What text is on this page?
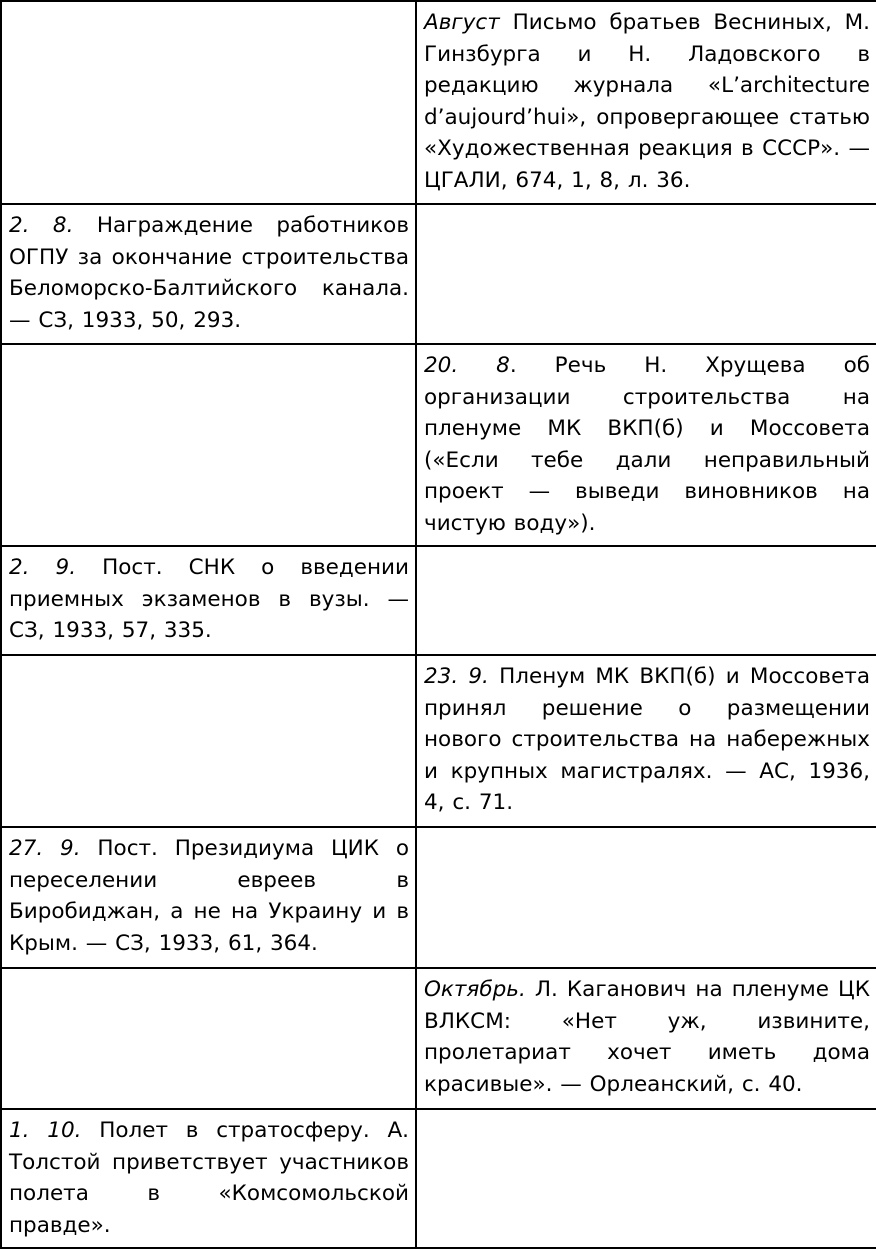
	Август Письмо братьев Весниных, М. Гинзбурга и Н. Ладовского в редакцию журнала «L’architecture d’aujourd’hui», опровергающее статью «Художественная реакция в СССР». — ЦГАЛИ, 674, 1, 8, л. 36.
2. 8. Награждение работников ОГПУ за окончание строительства Беломорско-Балтийского канала. — СЗ, 1933, 50, 293.	
	20. 8. Речь Н. Хрущева об организации строительства на пленуме МК ВКП(б) и Моссовета («Если тебе дали неправильный проект — выведи виновников на чистую воду»).
2. 9. Пост. СНК о введении приемных экзаменов в вузы. — СЗ, 1933, 57, 335.	
	23. 9. Пленум МК ВКП(б) и Моссовета принял решение о размещении нового строительства на набережных и крупных магистралях. — АС, 1936, 4, с. 71.
27. 9. Пост. Президиума ЦИК о переселении евреев в Биробиджан, а не на Украину и в Крым. — СЗ, 1933, 61, 364.	
	Октябрь. Л. Каганович на пленуме ЦК ВЛКСМ: «Нет уж, извините, пролетариат хочет иметь дома красивые». — Орлеанский, с. 40.
1. 10. Полет в стратосферу. А. Толстой приветствует участников полета в «Комсомольской правде».	
